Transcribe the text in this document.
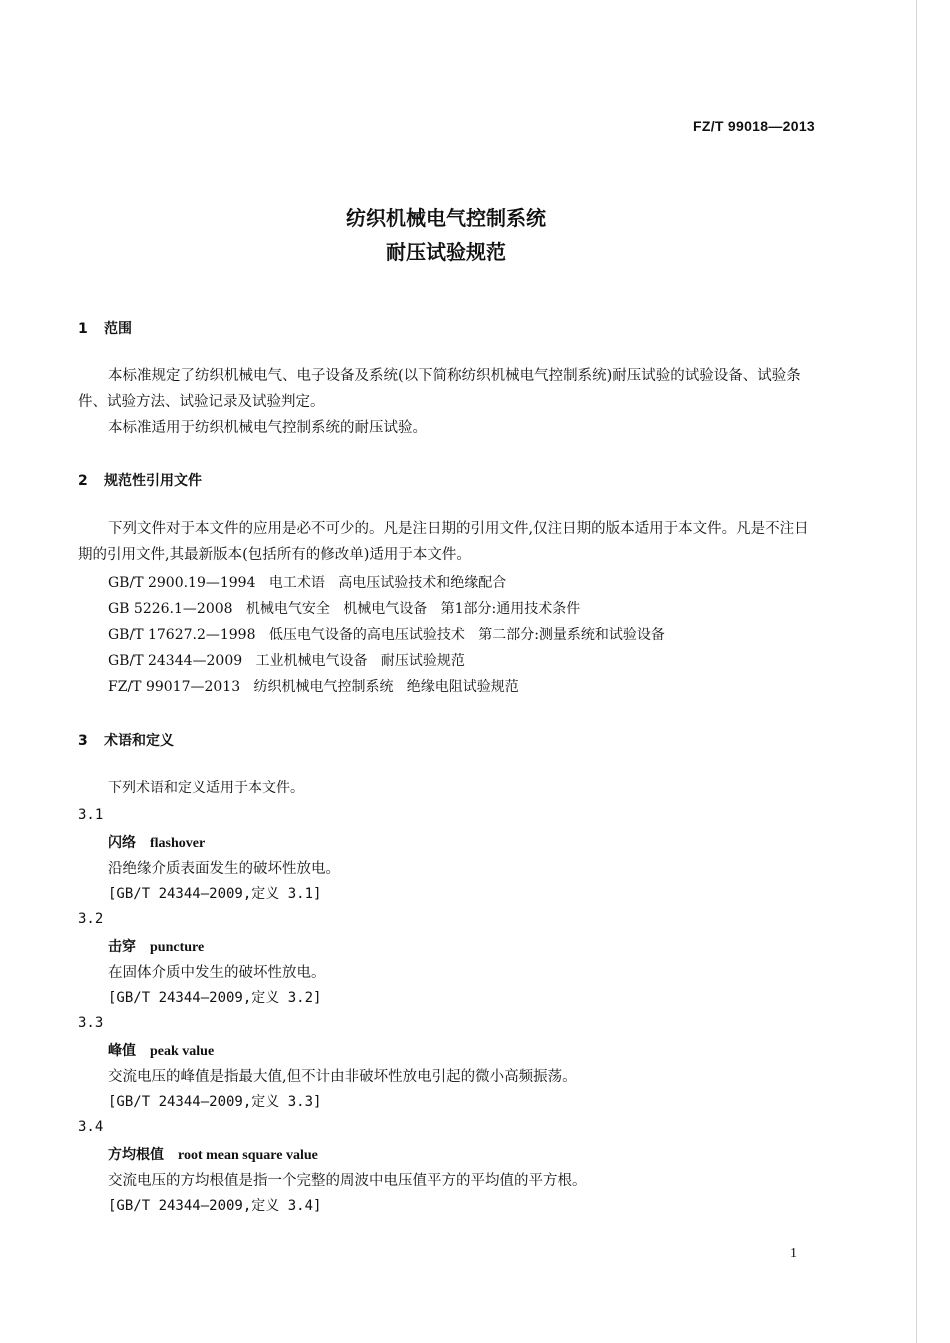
FZ/T 99018—2013
纺织机械电气控制系统
耐压试验规范
1 范围
本标准规定了纺织机械电气、电子设备及系统(以下简称纺织机械电气控制系统)耐压试验的试验设备、试验条件、试验方法、试验记录及试验判定。
本标准适用于纺织机械电气控制系统的耐压试验。
2 规范性引用文件
下列文件对于本文件的应用是必不可少的。凡是注日期的引用文件,仅注日期的版本适用于本文件。凡是不注日期的引用文件,其最新版本(包括所有的修改单)适用于本文件。
GB/T 2900.19—1994   电工术语   高电压试验技术和绝缘配合
GB 5226.1—2008   机械电气安全   机械电气设备   第1部分:通用技术条件
GB/T 17627.2—1998   低压电气设备的高电压试验技术   第二部分:测量系统和试验设备
GB/T 24344—2009   工业机械电气设备   耐压试验规范
FZ/T 99017—2013   纺织机械电气控制系统   绝缘电阻试验规范
3 术语和定义
下列术语和定义适用于本文件。
3.1
闪络 flashover
沿绝缘介质表面发生的破坏性放电。
[GB/T 24344—2009,定义 3.1]
3.2
击穿 puncture
在固体介质中发生的破坏性放电。
[GB/T 24344—2009,定义 3.2]
3.3
峰值 peak value
交流电压的峰值是指最大值,但不计由非破坏性放电引起的微小高频振荡。
[GB/T 24344—2009,定义 3.3]
3.4
方均根值 root mean square value
交流电压的方均根值是指一个完整的周波中电压值平方的平均值的平方根。
[GB/T 24344—2009,定义 3.4]
1
